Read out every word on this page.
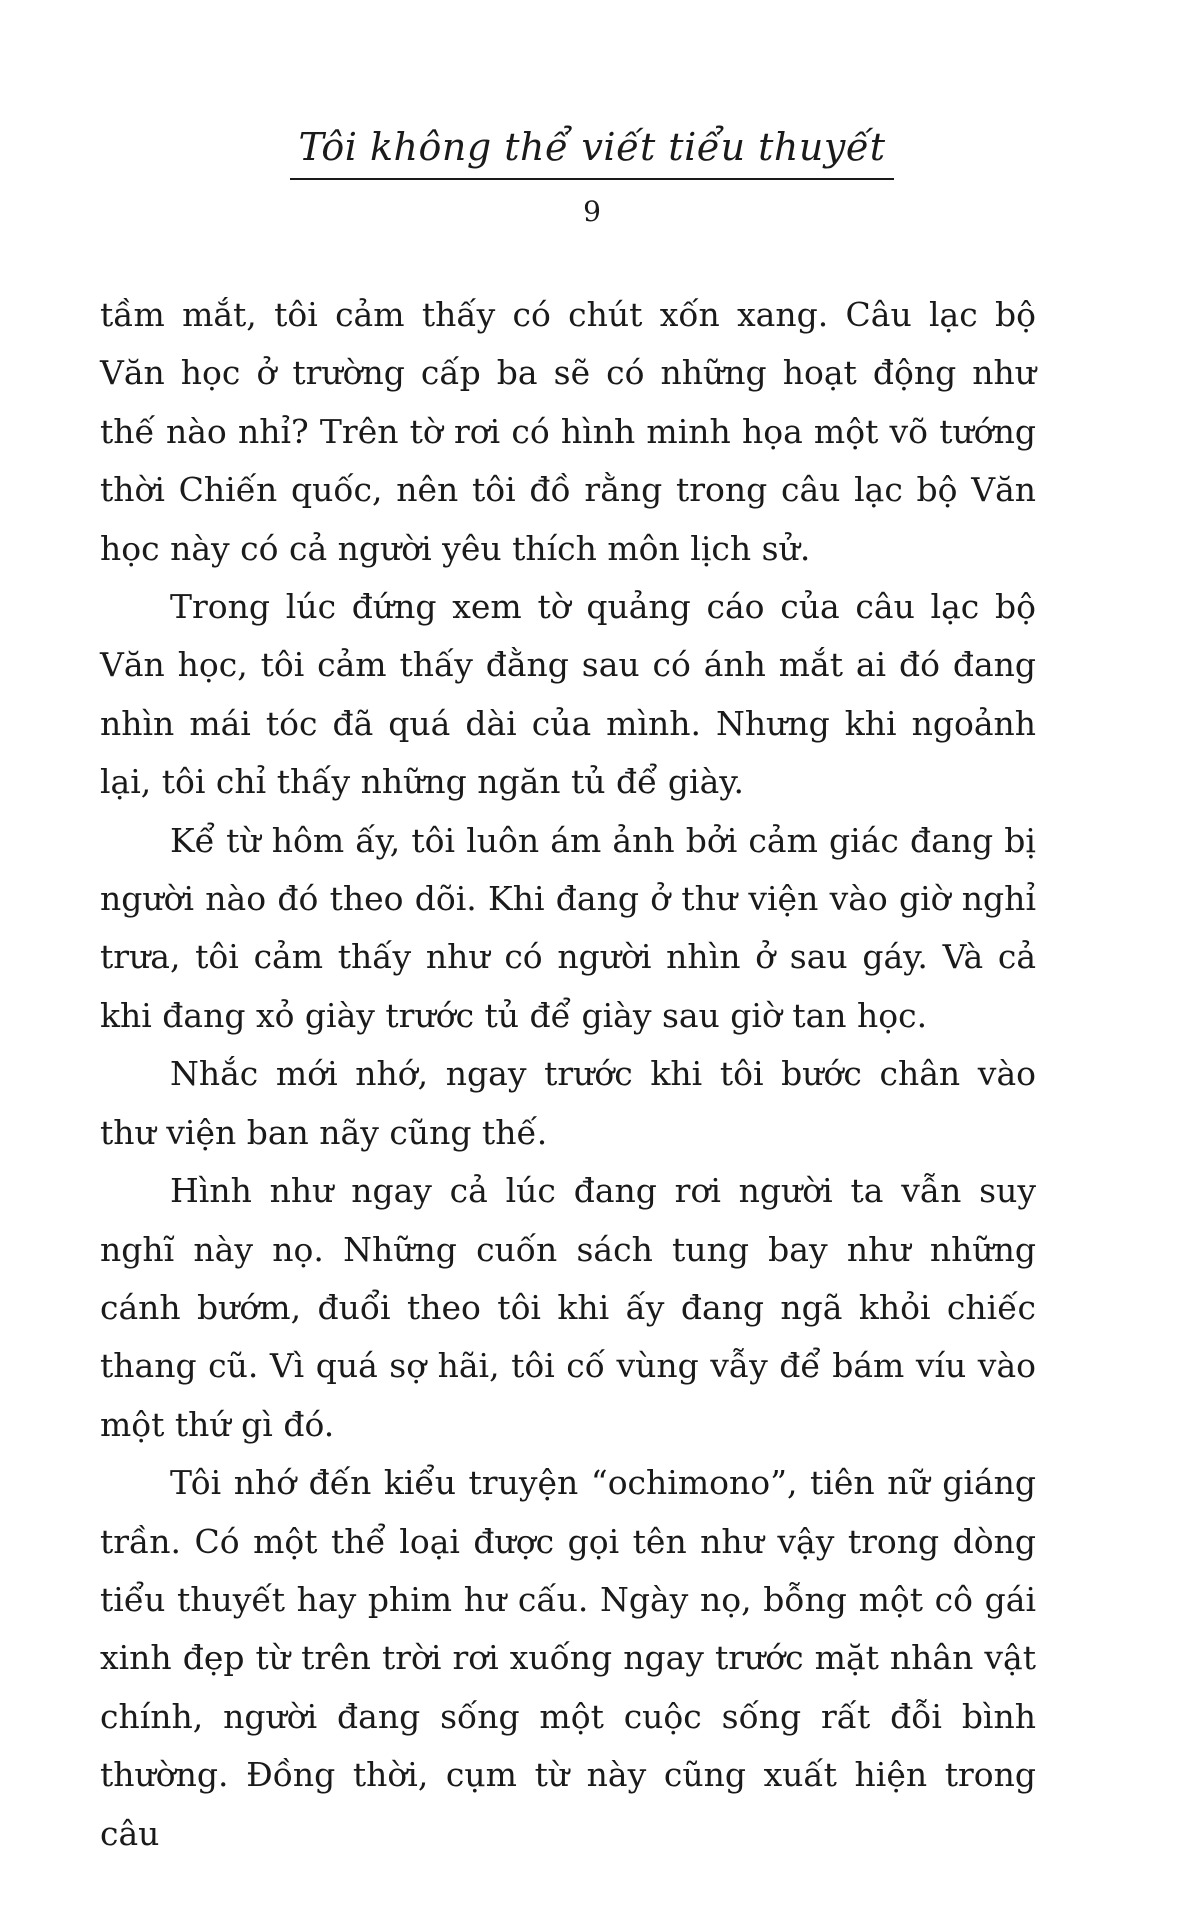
Tôi không thể viết tiểu thuyết
9

tầm mắt, tôi cảm thấy có chút xốn xang. Câu lạc bộ Văn học ở trường cấp ba sẽ có những hoạt động như thế nào nhỉ? Trên tờ rơi có hình minh họa một võ tướng thời Chiến quốc, nên tôi đồ rằng trong câu lạc bộ Văn học này có cả người yêu thích môn lịch sử.

Trong lúc đứng xem tờ quảng cáo của câu lạc bộ Văn học, tôi cảm thấy đằng sau có ánh mắt ai đó đang nhìn mái tóc đã quá dài của mình. Nhưng khi ngoảnh lại, tôi chỉ thấy những ngăn tủ để giày.

Kể từ hôm ấy, tôi luôn ám ảnh bởi cảm giác đang bị người nào đó theo dõi. Khi đang ở thư viện vào giờ nghỉ trưa, tôi cảm thấy như có người nhìn ở sau gáy. Và cả khi đang xỏ giày trước tủ để giày sau giờ tan học.

Nhắc mới nhớ, ngay trước khi tôi bước chân vào thư viện ban nãy cũng thế.

Hình như ngay cả lúc đang rơi người ta vẫn suy nghĩ này nọ. Những cuốn sách tung bay như những cánh bướm, đuổi theo tôi khi ấy đang ngã khỏi chiếc thang cũ. Vì quá sợ hãi, tôi cố vùng vẫy để bám víu vào một thứ gì đó.

Tôi nhớ đến kiểu truyện “ochimono”, tiên nữ giáng trần. Có một thể loại được gọi tên như vậy trong dòng tiểu thuyết hay phim hư cấu. Ngày nọ, bỗng một cô gái xinh đẹp từ trên trời rơi xuống ngay trước mặt nhân vật chính, người đang sống một cuộc sống rất đỗi bình thường. Đồng thời, cụm từ này cũng xuất hiện trong câu
